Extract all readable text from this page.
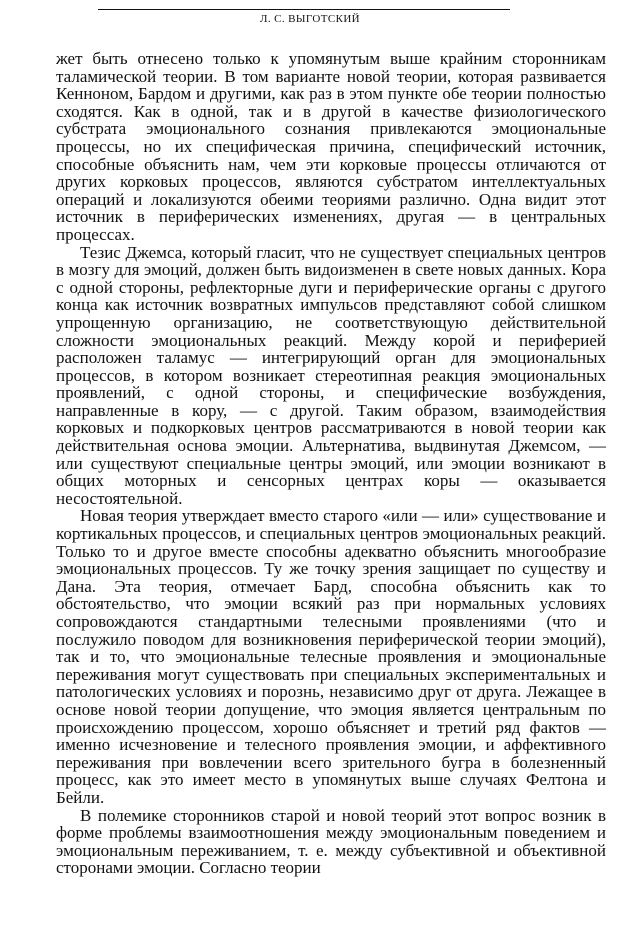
Л. С. ВЫГОТСКИЙ

жет быть отнесено только к упомянутым выше крайним сторонникам таламической теории. В том варианте новой теории, которая развивается Кенноном, Бардом и другими, как раз в этом пункте обе теории полностью сходятся. Как в одной, так и в другой в качестве физиологического субстрата эмоционального сознания привлекаются эмоциональные процессы, но их специфическая причина, специфический источник, способные объяснить нам, чем эти корковые процессы отличаются от других корковых процессов, являются субстратом интеллектуальных операций и локализуются обеими теориями различно. Одна видит этот источник в периферических изменениях, другая — в центральных процессах.

Тезис Джемса, который гласит, что не существует специальных центров в мозгу для эмоций, должен быть видоизменен в свете новых данных. Кора с одной стороны, рефлекторные дуги и периферические органы с другого конца как источник возвратных импульсов представляют собой слишком упрощенную организацию, не соответствующую действительной сложности эмоциональных реакций. Между корой и периферией расположен таламус — интегрирующий орган для эмоциональных процессов, в котором возникает стереотипная реакция эмоциональных проявлений, с одной стороны, и специфические возбуждения, направленные в кору, — с другой. Таким образом, взаимодействия корковых и подкорковых центров рассматриваются в новой теории как действительная основа эмоции. Альтернатива, выдвинутая Джемсом, — или существуют специальные центры эмоций, или эмоции возникают в общих моторных и сенсорных центрах коры — оказывается несостоятельной.

Новая теория утверждает вместо старого «или — или» существование и кортикальных процессов, и специальных центров эмоциональных реакций. Только то и другое вместе способны адекватно объяснить многообразие эмоциональных процессов. Ту же точку зрения защищает по существу и Дана. Эта теория, отмечает Бард, способна объяснить как то обстоятельство, что эмоции всякий раз при нормальных условиях сопровождаются стандартными телесными проявлениями (что и послужило поводом для возникновения периферической теории эмоций), так и то, что эмоциональные телесные проявления и эмоциональные переживания могут существовать при специальных экспериментальных и патологических условиях и порознь, независимо друг от друга. Лежащее в основе новой теории допущение, что эмоция является центральным по происхождению процессом, хорошо объясняет и третий ряд фактов — именно исчезновение и телесного проявления эмоции, и аффективного переживания при вовлечении всего зрительного бугра в болезненный процесс, как это имеет место в упомянутых выше случаях Фелтона и Бейли.

В полемике сторонников старой и новой теорий этот вопрос возник в форме проблемы взаимоотношения между эмоциональным поведением и эмоциональным переживанием, т. е. между субъективной и объективной сторонами эмоции. Согласно теории
